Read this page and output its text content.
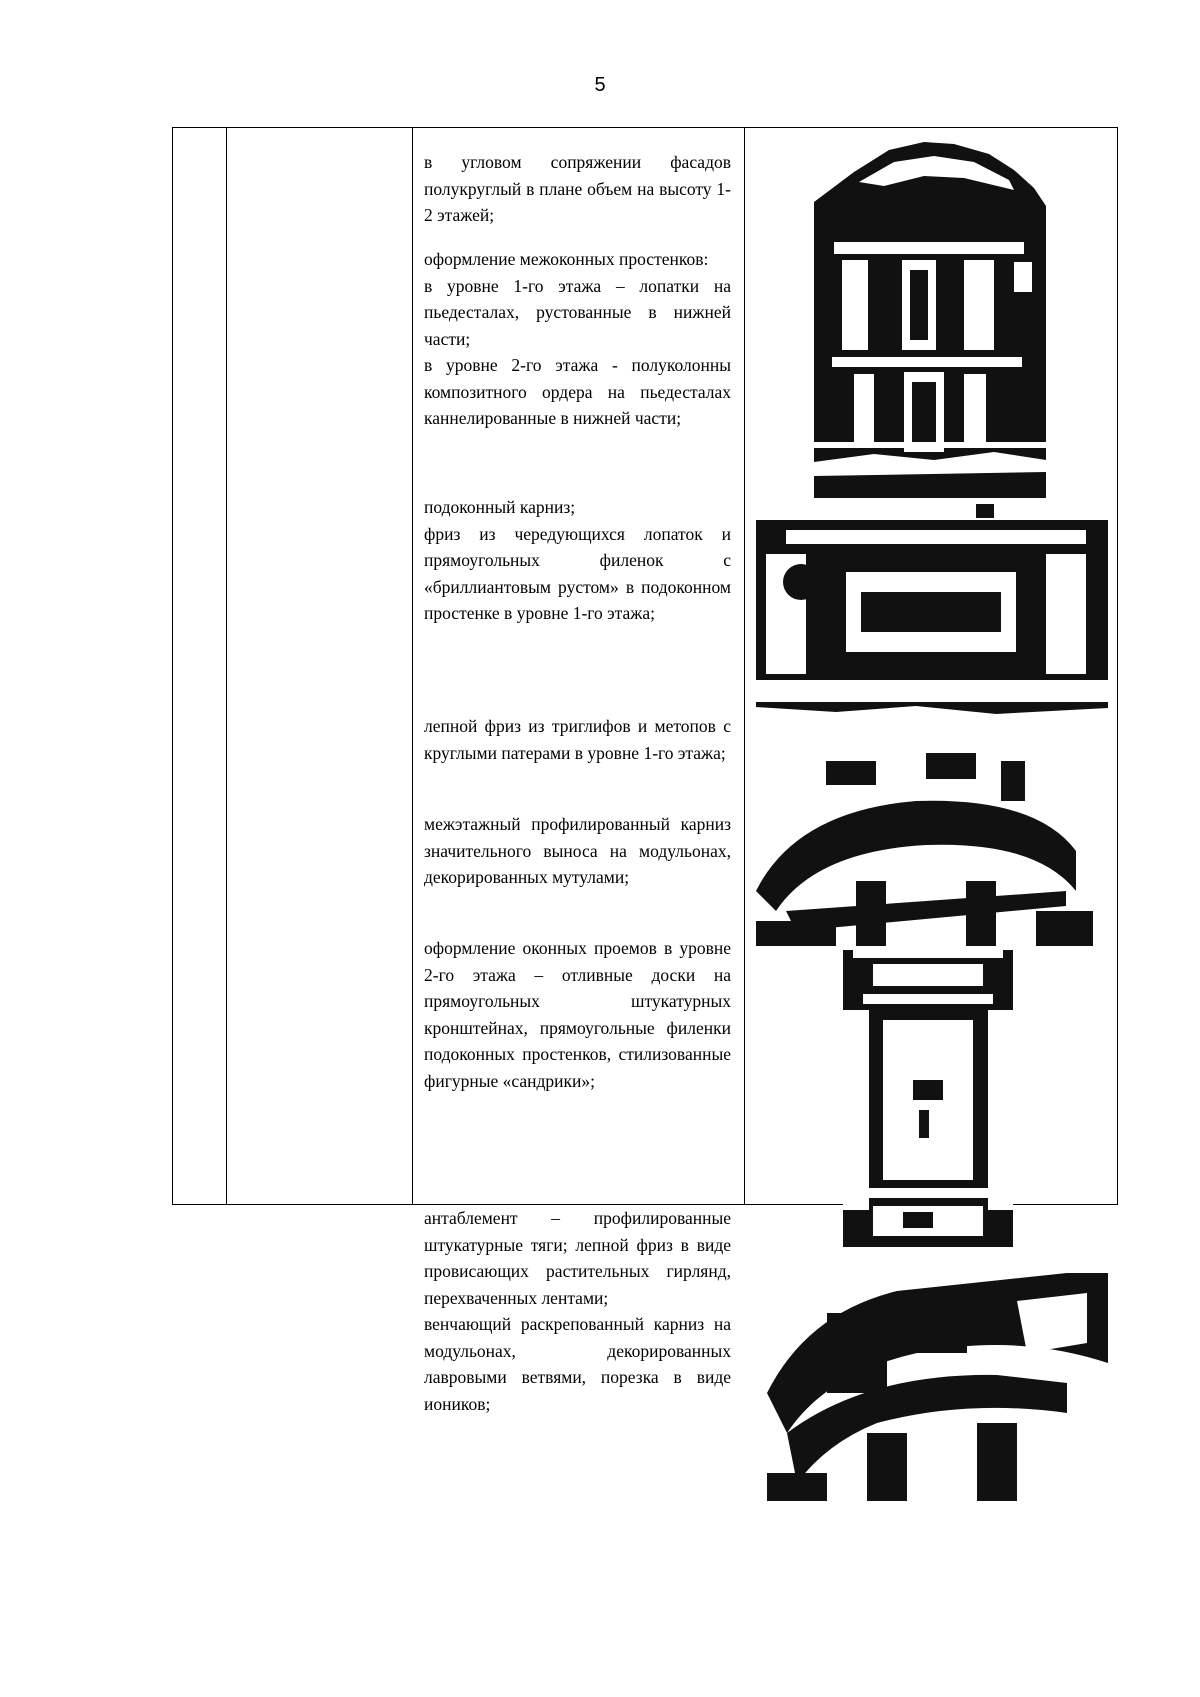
5

в угловом сопряжении фасадов полукруглый в плане объем на высоту 1-2 этажей;

оформление межоконных простенков:

в уровне 1-го этажа – лопатки на пьедесталах, рустованные в нижней части;

в уровне 2-го этажа - полуколонны композитного ордера на пьедесталах каннелированные в нижней части;

подоконный карниз;

фриз из чередующихся лопаток и прямоугольных филенок с «бриллиантовым рустом» в подоконном простенке в уровне 1-го этажа;

лепной фриз из триглифов и метопов с круглыми патерами в уровне 1-го этажа;

межэтажный профилированный карниз значительного выноса на модульонах, декорированных мутулами;

оформление оконных проемов в уровне 2-го этажа – отливные доски на прямоугольных штукатурных кронштейнах, прямоугольные филенки подоконных простенков, стилизованные фигурные «сандрики»;

антаблемент – профилированные штукатурные тяги; лепной фриз в виде провисающих растительных гирлянд, перехваченных лентами;

венчающий раскрепованный карниз на модульонах, декорированных лавровыми ветвями, порезка в виде иоников;
